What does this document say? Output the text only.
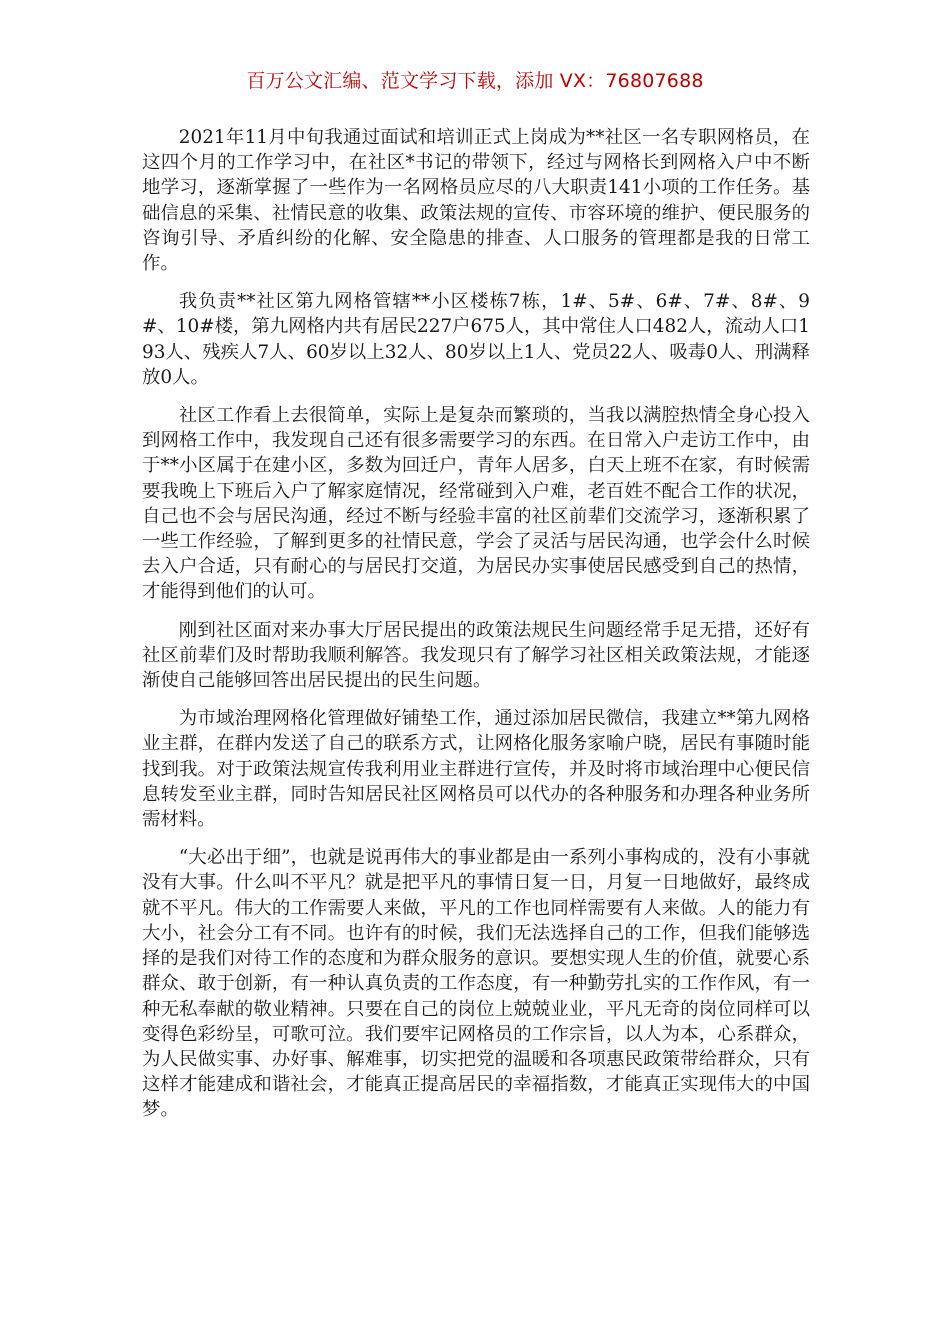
百万公文汇编、范文学习下载，添加 VX：76807688

2021年11月中旬我通过面试和培训正式上岗成为**社区一名专职网格员，在这四个月的工作学习中，在社区*书记的带领下，经过与网格长到网格入户中不断地学习，逐渐掌握了一些作为一名网格员应尽的八大职责141小项的工作任务。基础信息的采集、社情民意的收集、政策法规的宣传、市容环境的维护、便民服务的咨询引导、矛盾纠纷的化解、安全隐患的排查、人口服务的管理都是我的日常工作。

我负责**社区第九网格管辖**小区楼栋7栋，1#、5#、6#、7#、8#、9#、10#楼，第九网格内共有居民227户675人，其中常住人口482人，流动人口193人、残疾人7人、60岁以上32人、80岁以上1人、党员22人、吸毒0人、刑满释放0人。

社区工作看上去很简单，实际上是复杂而繁琐的，当我以满腔热情全身心投入到网格工作中，我发现自己还有很多需要学习的东西。在日常入户走访工作中，由于**小区属于在建小区，多数为回迁户，青年人居多，白天上班不在家，有时候需要我晚上下班后入户了解家庭情况，经常碰到入户难，老百姓不配合工作的状况，自己也不会与居民沟通，经过不断与经验丰富的社区前辈们交流学习，逐渐积累了一些工作经验，了解到更多的社情民意，学会了灵活与居民沟通，也学会什么时候去入户合适，只有耐心的与居民打交道，为居民办实事使居民感受到自己的热情，才能得到他们的认可。

刚到社区面对来办事大厅居民提出的政策法规民生问题经常手足无措，还好有社区前辈们及时帮助我顺利解答。我发现只有了解学习社区相关政策法规，才能逐渐使自己能够回答出居民提出的民生问题。

为市域治理网格化管理做好铺垫工作，通过添加居民微信，我建立**第九网格业主群，在群内发送了自己的联系方式，让网格化服务家喻户晓，居民有事随时能找到我。对于政策法规宣传我利用业主群进行宣传，并及时将市域治理中心便民信息转发至业主群，同时告知居民社区网格员可以代办的各种服务和办理各种业务所需材料。

“大必出于细”，也就是说再伟大的事业都是由一系列小事构成的，没有小事就没有大事。什么叫不平凡？就是把平凡的事情日复一日，月复一日地做好，最终成就不平凡。伟大的工作需要人来做，平凡的工作也同样需要有人来做。人的能力有大小，社会分工有不同。也许有的时候，我们无法选择自己的工作，但我们能够选择的是我们对待工作的态度和为群众服务的意识。要想实现人生的价值，就要心系群众、敢于创新，有一种认真负责的工作态度，有一种勤劳扎实的工作作风，有一种无私奉献的敬业精神。只要在自己的岗位上兢兢业业，平凡无奇的岗位同样可以变得色彩纷呈，可歌可泣。我们要牢记网格员的工作宗旨，以人为本，心系群众，为人民做实事、办好事、解难事，切实把党的温暖和各项惠民政策带给群众，只有这样才能建成和谐社会，才能真正提高居民的幸福指数，才能真正实现伟大的中国梦。
